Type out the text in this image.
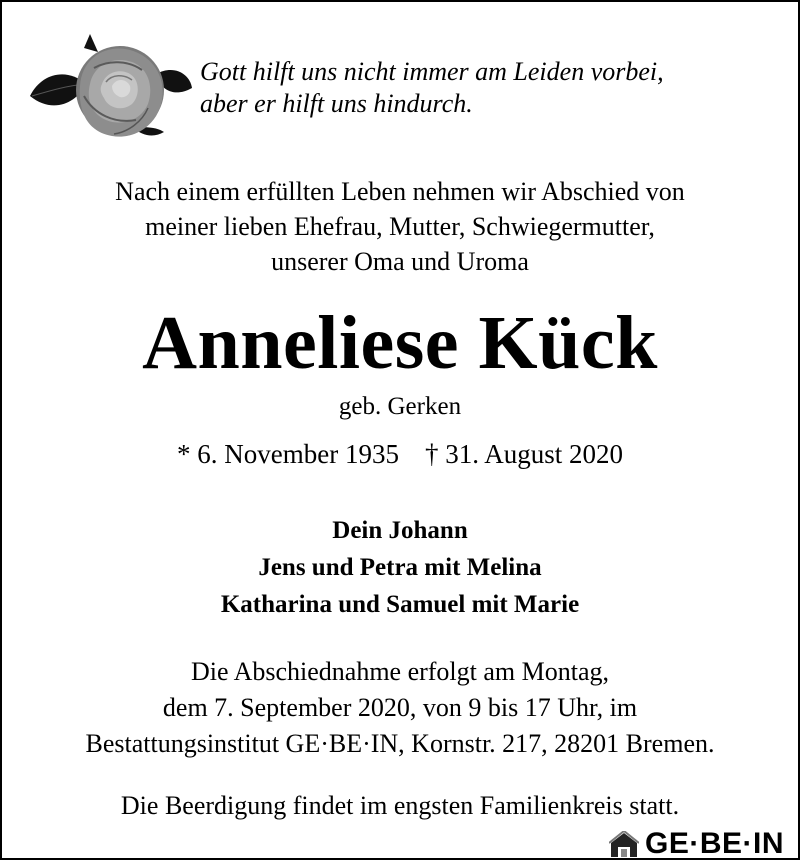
Gott hilft uns nicht immer am Leiden vorbei,
aber er hilft uns hindurch.
Nach einem erfüllten Leben nehmen wir Abschied von
meiner lieben Ehefrau, Mutter, Schwiegermutter,
unserer Oma und Uroma
Anneliese Kück
geb. Gerken
* 6. November 1935 † 31. August 2020
Dein Johann
Jens und Petra mit Melina
Katharina und Samuel mit Marie
Die Abschiednahme erfolgt am Montag,
dem 7. September 2020, von 9 bis 17 Uhr, im
Bestattungsinstitut GE·BE·IN, Kornstr. 217, 28201 Bremen.
Die Beerdigung findet im engsten Familienkreis statt.
GE·BE·IN
